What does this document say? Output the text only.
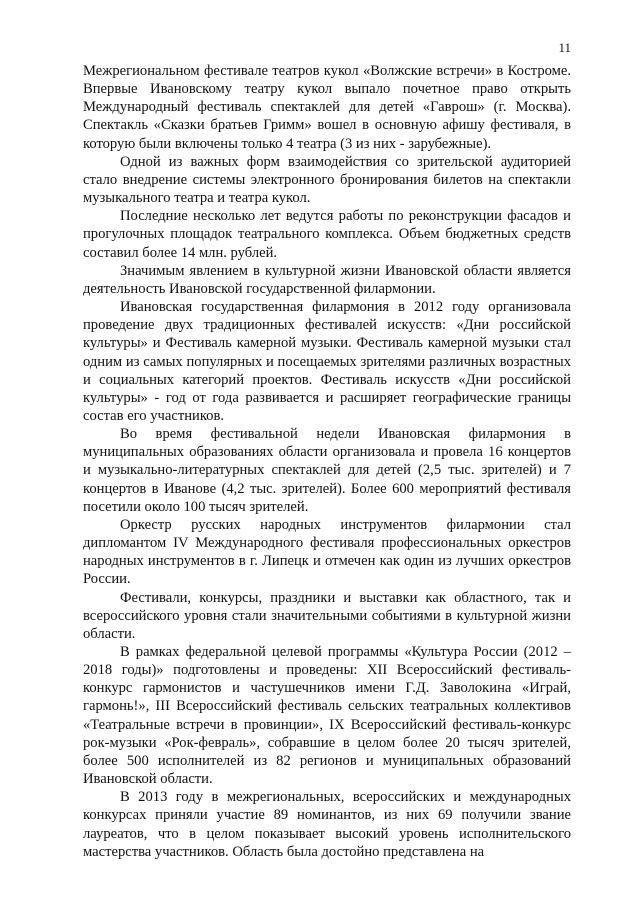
11

Межрегиональном фестивале театров кукол «Волжские встречи» в Костроме. Впервые Ивановскому театру кукол выпало почетное право открыть Международный фестиваль спектаклей для детей «Гаврош» (г. Москва). Спектакль «Сказки братьев Гримм» вошел в основную афишу фестиваля, в которую были включены только 4 театра (3 из них - зарубежные).

Одной из важных форм взаимодействия со зрительской аудиторией стало внедрение системы электронного бронирования билетов на спектакли музыкального театра и театра кукол.

Последние несколько лет ведутся работы по реконструкции фасадов и прогулочных площадок театрального комплекса. Объем бюджетных средств составил более 14 млн. рублей.

Значимым явлением в культурной жизни Ивановской области является деятельность Ивановской государственной филармонии.

Ивановская государственная филармония в 2012 году организовала проведение двух традиционных фестивалей искусств: «Дни российской культуры» и Фестиваль камерной музыки. Фестиваль камерной музыки стал одним из самых популярных и посещаемых зрителями различных возрастных и социальных категорий проектов. Фестиваль искусств «Дни российской культуры» - год от года развивается и расширяет географические границы состав его участников.

Во время фестивальной недели Ивановская филармония в муниципальных образованиях области организовала и провела 16 концертов и музыкально-литературных спектаклей для детей (2,5 тыс. зрителей) и 7 концертов в Иванове (4,2 тыс. зрителей). Более 600 мероприятий фестиваля посетили около 100 тысяч зрителей.

Оркестр русских народных инструментов филармонии стал дипломантом IV Международного фестиваля профессиональных оркестров народных инструментов в г. Липецк и отмечен как один из лучших оркестров России.

Фестивали, конкурсы, праздники и выставки как областного, так и всероссийского уровня стали значительными событиями в культурной жизни области.

В рамках федеральной целевой программы «Культура России (2012 – 2018 годы)» подготовлены и проведены: XII Всероссийский фестиваль-конкурс гармонистов и частушечников имени Г.Д. Заволокина «Играй, гармонь!», III Всероссийский фестиваль сельских театральных коллективов «Театральные встречи в провинции», IX Всероссийский фестиваль-конкурс рок-музыки «Рок-февраль», собравшие в целом более 20 тысяч зрителей, более 500 исполнителей из 82 регионов и муниципальных образований Ивановской области.

В 2013 году в межрегиональных, всероссийских и международных конкурсах приняли участие 89 номинантов, из них 69 получили звание лауреатов, что в целом показывает высокий уровень исполнительского мастерства участников. Область была достойно представлена на
